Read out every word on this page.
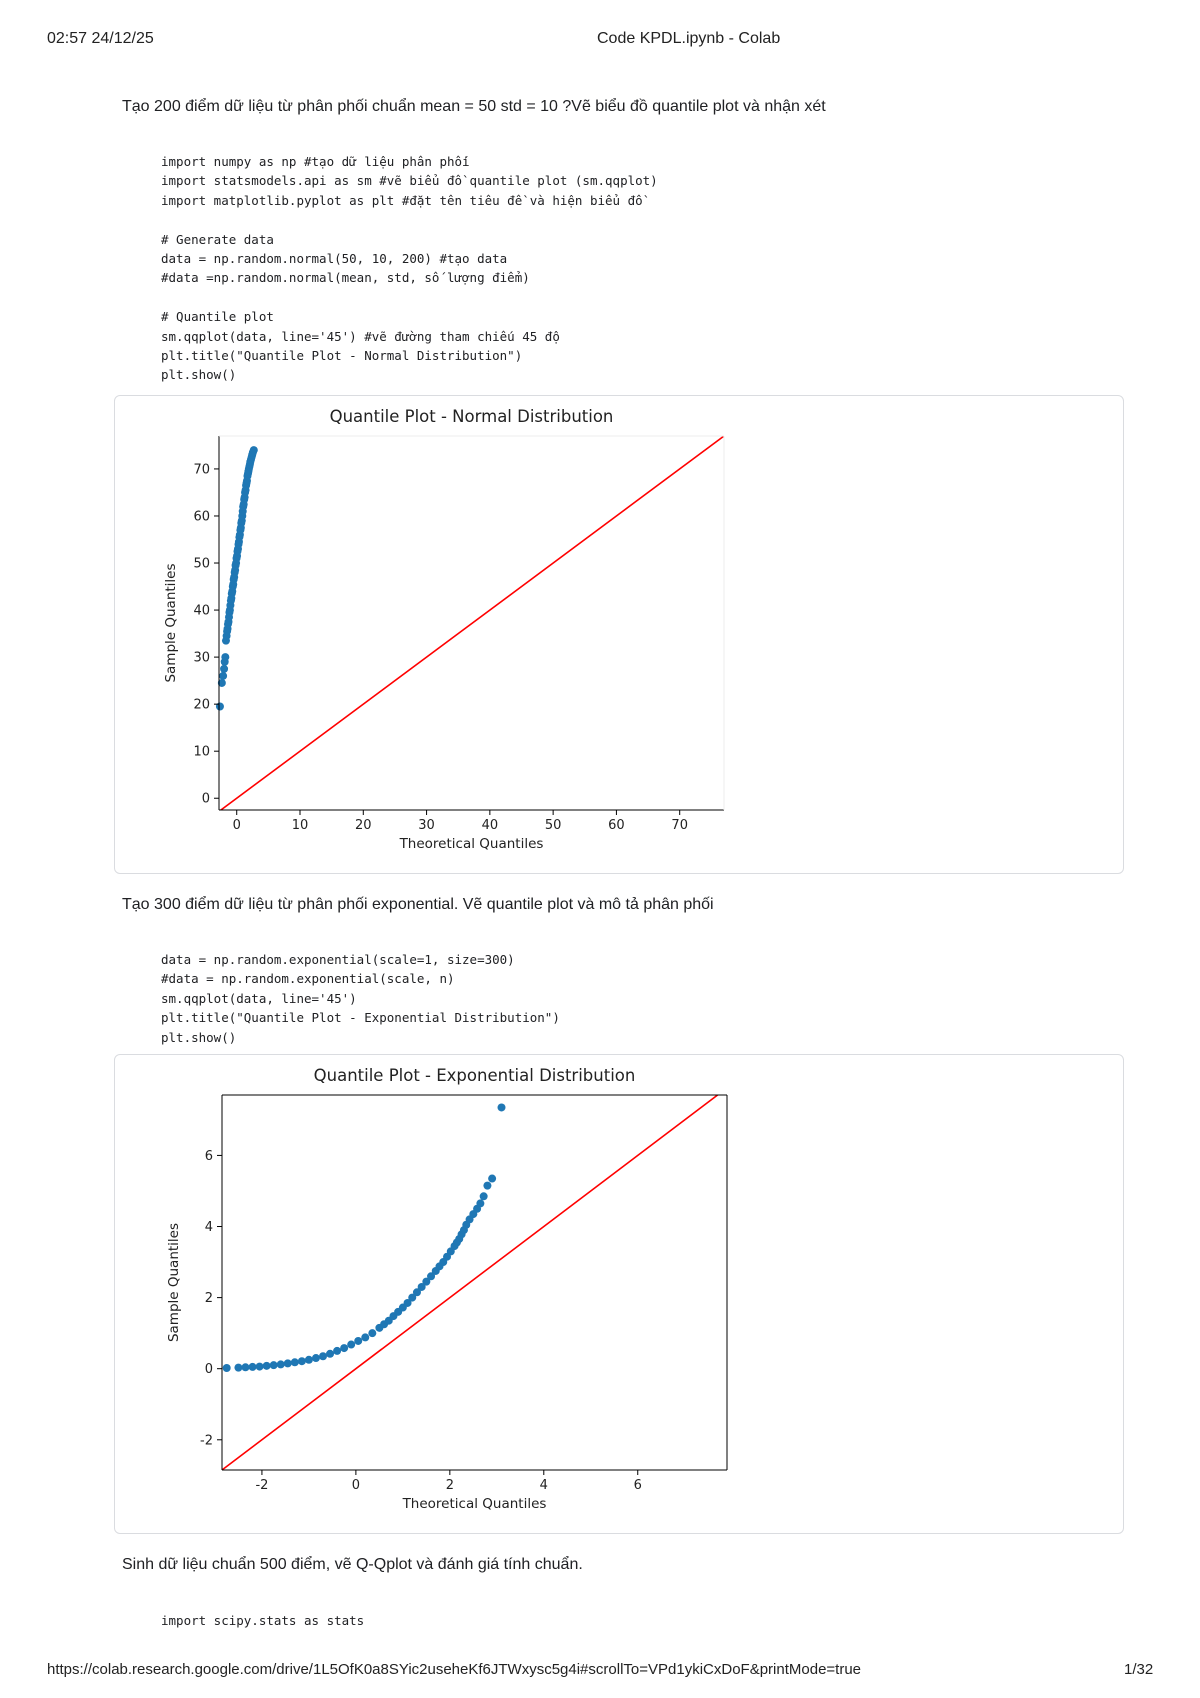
02:57 24/12/25	Code KPDL.ipynb - Colab
Tạo 200 điểm dữ liệu từ phân phối chuẩn mean = 50 std = 10 ?Vẽ biểu đồ quantile plot và nhận xét
import numpy as np #tạo dữ liệu phân phối
import statsmodels.api as sm #vẽ biểu đồ quantile plot (sm.qqplot)
import matplotlib.pyplot as plt #đặt tên tiêu đề và hiện biểu đồ

# Generate data
data = np.random.normal(50, 10, 200) #tạo data
#data =np.random.normal(mean, std, số lượng điểm)

# Quantile plot
sm.qqplot(data, line='45') #vẽ đường tham chiếu 45 độ
plt.title("Quantile Plot - Normal Distribution")
plt.show()

0	10	20	30	40	50	60	70
0
10
20
30
40
50
60
70
Quantile Plot - Normal Distribution
Theoretical Quantiles
Sample Quantiles
Tạo 300 điểm dữ liệu từ phân phối exponential. Vẽ quantile plot và mô tả phân phối
data = np.random.exponential(scale=1, size=300)
#data = np.random.exponential(scale, n)
sm.qqplot(data, line='45')
plt.title("Quantile Plot - Exponential Distribution")
plt.show()

-2	0	2	4	6
-2
0
2
4
6
Quantile Plot - Exponential Distribution
Theoretical Quantiles
Sample Quantiles
Sinh dữ liệu chuẩn 500 điểm, vẽ Q-Qplot và đánh giá tính chuẩn.
import scipy.stats as stats

https://colab.research.google.com/drive/1L5OfK0a8SYic2useheKf6JTWxysc5g4i#scrollTo=VPd1ykiCxDoF&printMode=true	1/32
